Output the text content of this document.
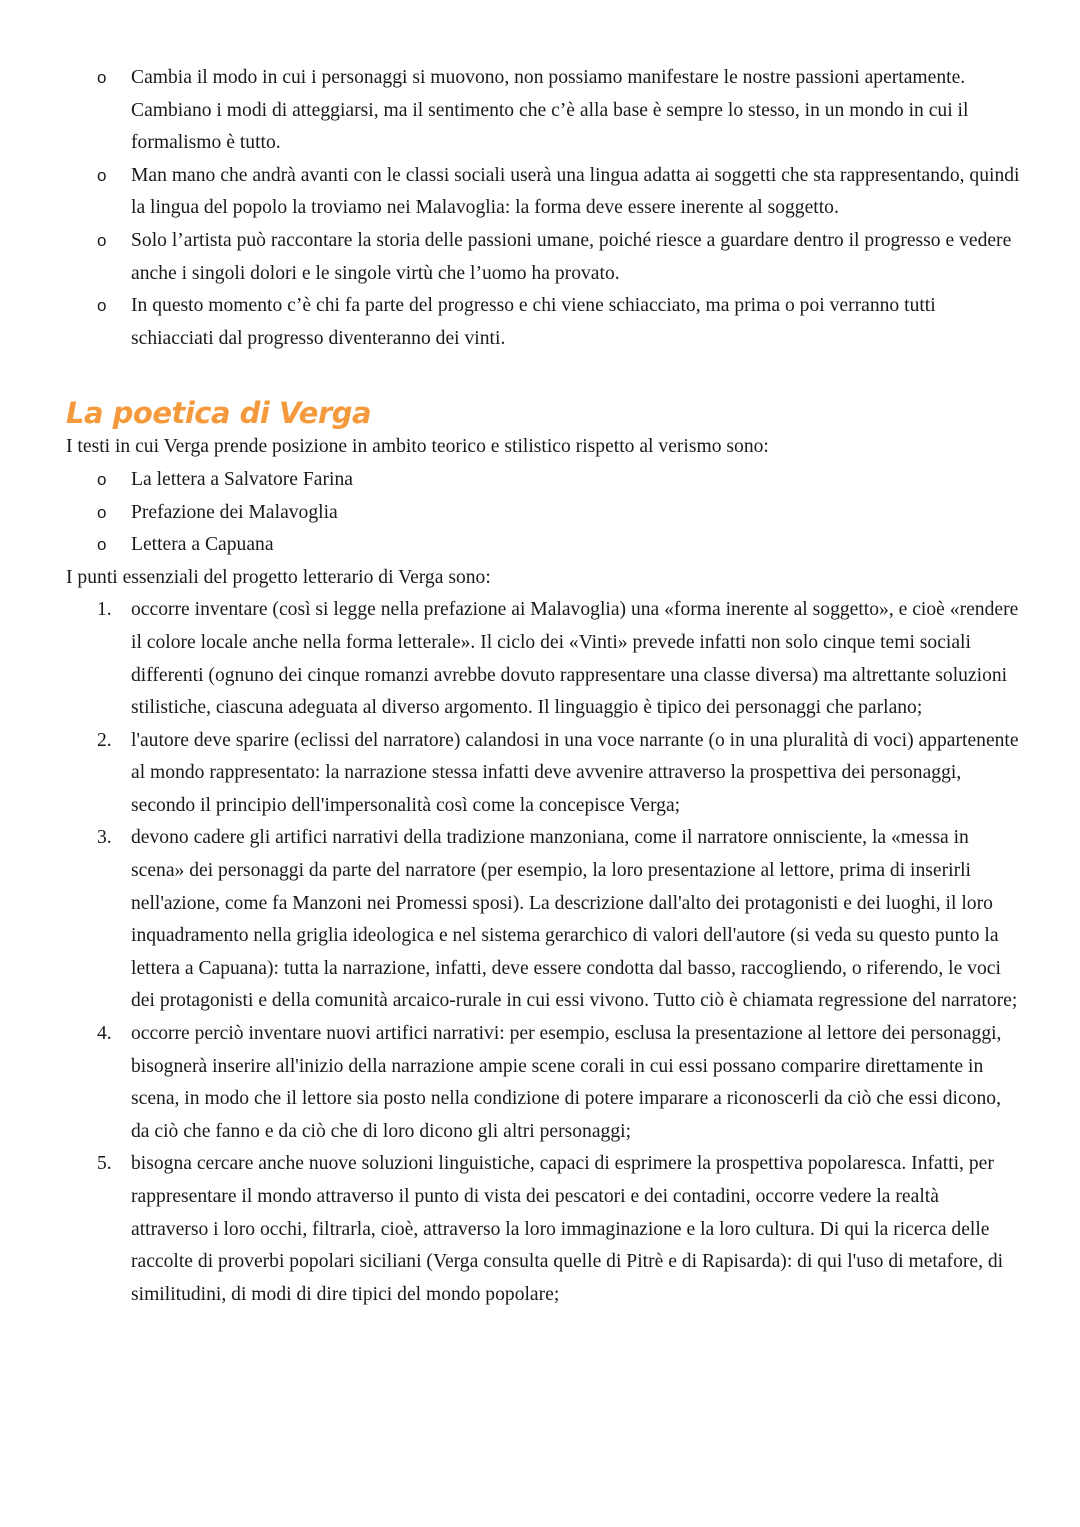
o Cambia il modo in cui i personaggi si muovono, non possiamo manifestare le nostre passioni apertamente. Cambiano i modi di atteggiarsi, ma il sentimento che c’è alla base è sempre lo stesso, in un mondo in cui il formalismo è tutto.
o Man mano che andrà avanti con le classi sociali userà una lingua adatta ai soggetti che sta rappresentando, quindi la lingua del popolo la troviamo nei Malavoglia: la forma deve essere inerente al soggetto.
o Solo l’artista può raccontare la storia delle passioni umane, poiché riesce a guardare dentro il progresso e vedere anche i singoli dolori e le singole virtù che l’uomo ha provato.
o In questo momento c’è chi fa parte del progresso e chi viene schiacciato, ma prima o poi verranno tutti schiacciati dal progresso diventeranno dei vinti.
La poetica di Verga
I testi in cui Verga prende posizione in ambito teorico e stilistico rispetto al verismo sono:
o La lettera a Salvatore Farina
o Prefazione dei Malavoglia
o Lettera a Capuana
I punti essenziali del progetto letterario di Verga sono:
1. occorre inventare (così si legge nella prefazione ai Malavoglia) una «forma inerente al soggetto», e cioè «rendere il colore locale anche nella forma letterale». Il ciclo dei «Vinti» prevede infatti non solo cinque temi sociali differenti (ognuno dei cinque romanzi avrebbe dovuto rappresentare una classe diversa) ma altrettante soluzioni stilistiche, ciascuna adeguata al diverso argomento. Il linguaggio è tipico dei personaggi che parlano;
2. l'autore deve sparire (eclissi del narratore) calandosi in una voce narrante (o in una pluralità di voci) appartenente al mondo rappresentato: la narrazione stessa infatti deve avvenire attraverso la prospettiva dei personaggi, secondo il principio dell'impersonalità così come la concepisce Verga;
3. devono cadere gli artifici narrativi della tradizione manzoniana, come il narratore onnisciente, la «messa in scena» dei personaggi da parte del narratore (per esempio, la loro presentazione al lettore, prima di inserirli nell'azione, come fa Manzoni nei Promessi sposi). La descrizione dall'alto dei protagonisti e dei luoghi, il loro inquadramento nella griglia ideologica e nel sistema gerarchico di valori dell'autore (si veda su questo punto la lettera a Capuana): tutta la narrazione, infatti, deve essere condotta dal basso, raccogliendo, o riferendo, le voci dei protagonisti e della comunità arcaico-rurale in cui essi vivono. Tutto ciò è chiamata regressione del narratore;
4. occorre perciò inventare nuovi artifici narrativi: per esempio, esclusa la presentazione al lettore dei personaggi, bisognerà inserire all'inizio della narrazione ampie scene corali in cui essi possano comparire direttamente in scena, in modo che il lettore sia posto nella condizione di potere imparare a riconoscerli da ciò che essi dicono, da ciò che fanno e da ciò che di loro dicono gli altri personaggi;
5. bisogna cercare anche nuove soluzioni linguistiche, capaci di esprimere la prospettiva popolaresca. Infatti, per rappresentare il mondo attraverso il punto di vista dei pescatori e dei contadini, occorre vedere la realtà attraverso i loro occhi, filtrarla, cioè, attraverso la loro immaginazione e la loro cultura. Di qui la ricerca delle raccolte di proverbi popolari siciliani (Verga consulta quelle di Pitrè e di Rapisarda): di qui l'uso di metafore, di similitudini, di modi di dire tipici del mondo popolare;
